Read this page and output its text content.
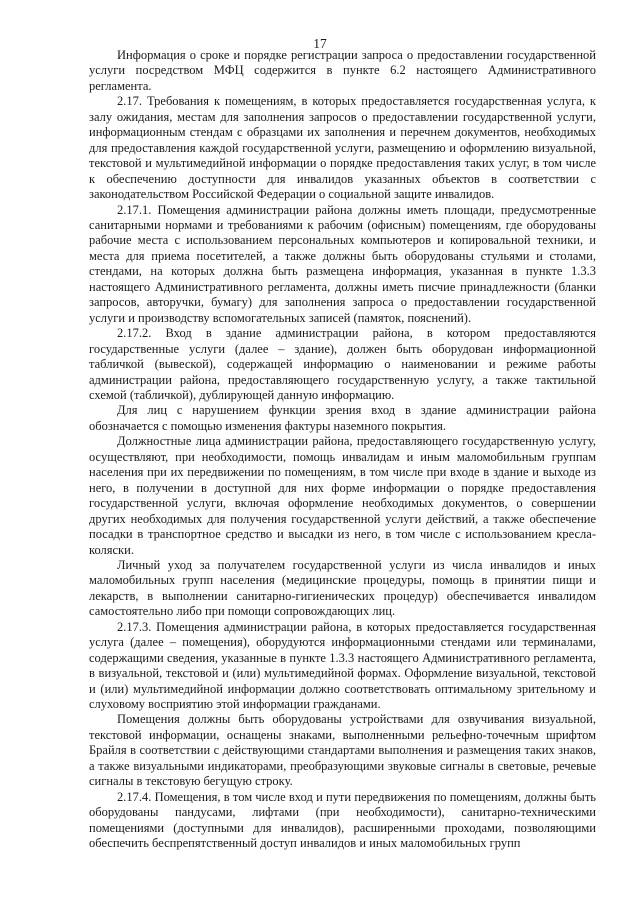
17

Информация о сроке и порядке регистрации запроса о предоставлении государственной услуги посредством МФЦ содержится в пункте 6.2 настоящего Административного регламента.

2.17. Требования к помещениям, в которых предоставляется государственная услуга, к залу ожидания, местам для заполнения запросов о предоставлении государственной услуги, информационным стендам с образцами их заполнения и перечнем документов, необходимых для предоставления каждой государственной услуги, размещению и оформлению визуальной, текстовой и мультимедийной информации о порядке предоставления таких услуг, в том числе к обеспечению доступности для инвалидов указанных объектов в соответствии с законодательством Российской Федерации о социальной защите инвалидов.

2.17.1. Помещения администрации района должны иметь площади, предусмотренные санитарными нормами и требованиями к рабочим (офисным) помещениям, где оборудованы рабочие места с использованием персональных компьютеров и копировальной техники, и места для приема посетителей, а также должны быть оборудованы стульями и столами, стендами, на которых должна быть размещена информация, указанная в пункте 1.3.3 настоящего Административного регламента, должны иметь писчие принадлежности (бланки запросов, авторучки, бумагу) для заполнения запроса о предоставлении государственной услуги и производству вспомогательных записей (памяток, пояснений).

2.17.2. Вход в здание администрации района, в котором предоставляются государственные услуги (далее – здание), должен быть оборудован информационной табличкой (вывеской), содержащей информацию о наименовании и режиме работы администрации района, предоставляющего государственную услугу, а также тактильной схемой (табличкой), дублирующей данную информацию.

Для лиц с нарушением функции зрения вход в здание администрации района обозначается с помощью изменения фактуры наземного покрытия.

Должностные лица администрации района, предоставляющего государственную услугу, осуществляют, при необходимости, помощь инвалидам и иным маломобильным группам населения при их передвижении по помещениям, в том числе при входе в здание и выходе из него, в получении в доступной для них форме информации о порядке предоставления государственной услуги, включая оформление необходимых документов, о совершении других необходимых для получения государственной услуги действий, а также обеспечение посадки в транспортное средство и высадки из него, в том числе с использованием кресла-коляски.

Личный уход за получателем государственной услуги из числа инвалидов и иных маломобильных групп населения (медицинские процедуры, помощь в принятии пищи и лекарств, в выполнении санитарно-гигиенических процедур) обеспечивается инвалидом самостоятельно либо при помощи сопровождающих лиц.

2.17.3. Помещения администрации района, в которых предоставляется государственная услуга (далее – помещения), оборудуются информационными стендами или терминалами, содержащими сведения, указанные в пункте 1.3.3 настоящего Административного регламента, в визуальной, текстовой и (или) мультимедийной формах. Оформление визуальной, текстовой и (или) мультимедийной информации должно соответствовать оптимальному зрительному и слуховому восприятию этой информации гражданами.

Помещения должны быть оборудованы устройствами для озвучивания визуальной, текстовой информации, оснащены знаками, выполненными рельефно-точечным шрифтом Брайля в соответствии с действующими стандартами выполнения и размещения таких знаков, а также визуальными индикаторами, преобразующими звуковые сигналы в световые, речевые сигналы в текстовую бегущую строку.

2.17.4. Помещения, в том числе вход и пути передвижения по помещениям, должны быть оборудованы пандусами, лифтами (при необходимости), санитарно-техническими помещениями (доступными для инвалидов), расширенными проходами, позволяющими обеспечить беспрепятственный доступ инвалидов и иных маломобильных групп
